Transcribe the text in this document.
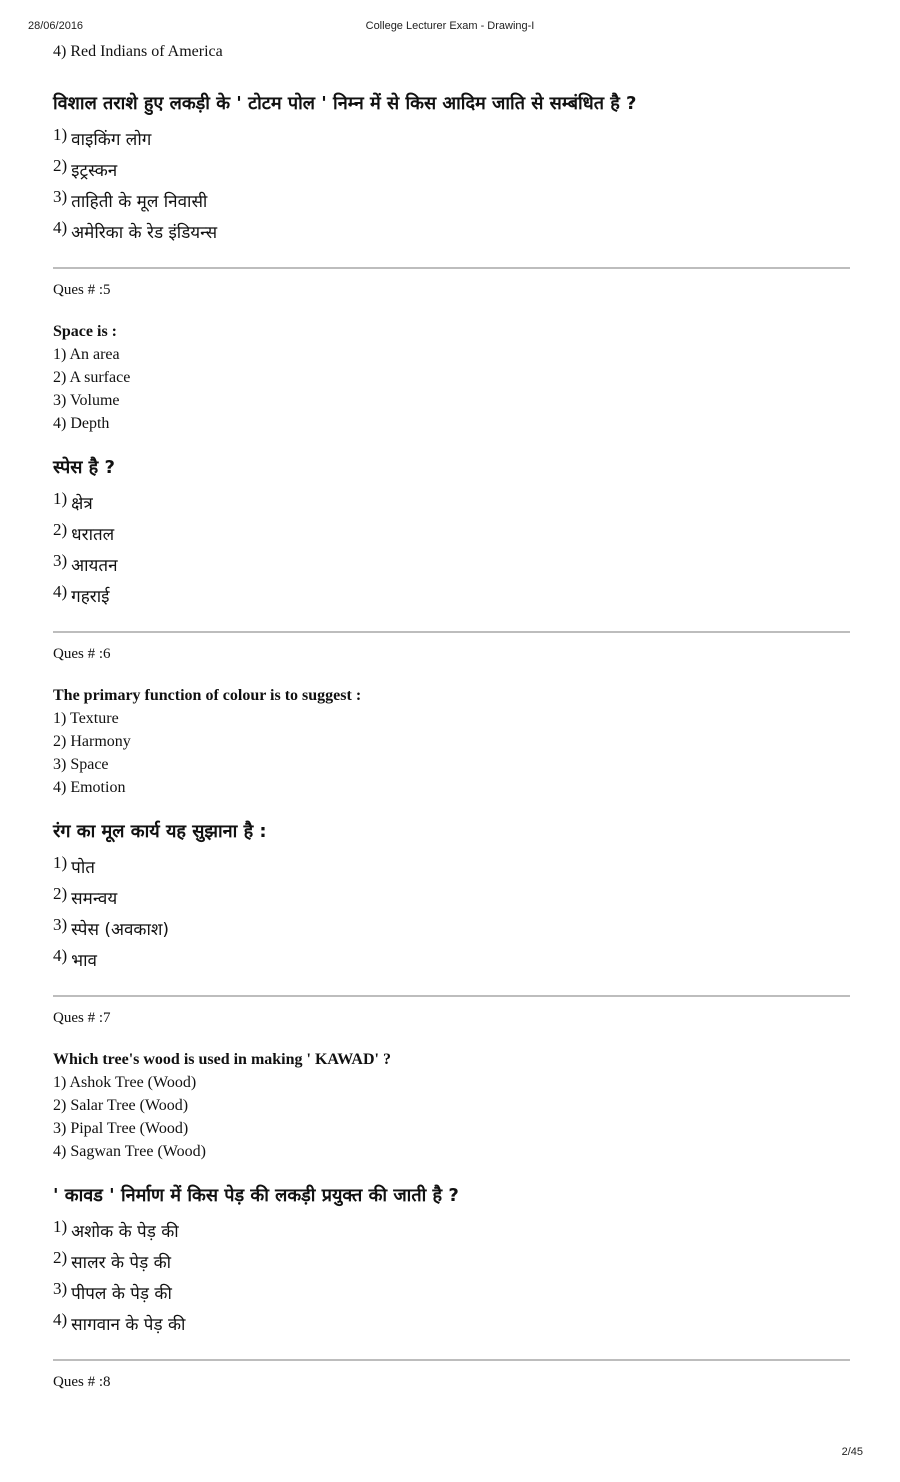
28/06/2016	College Lecturer Exam - Drawing-I
4) Red Indians of America
विशाल तराशे हुए लकड़ी के ' टोटम पोल ' निम्न में से किस आदिम जाति से सम्बंधित है ?
1) वाइकिंग लोग
2) इट्रस्कन
3) ताहिती के मूल निवासी
4) अमेरिका के रेड इंडियन्स
Ques # :5
Space is :
1) An area
2) A surface
3) Volume
4) Depth
स्पेस है ?
1) क्षेत्र
2) धरातल
3) आयतन
4) गहराई
Ques # :6
The primary function of colour is to suggest :
1) Texture
2) Harmony
3) Space
4) Emotion
रंग का मूल कार्य यह सुझाना है :
1) पोत
2) समन्वय
3) स्पेस (अवकाश)
4) भाव
Ques # :7
Which tree's wood is used in making ' KAWAD' ?
1) Ashok Tree (Wood)
2) Salar Tree (Wood)
3) Pipal Tree (Wood)
4) Sagwan Tree (Wood)
' कावड ' निर्माण में किस पेड़ की लकड़ी प्रयुक्त की जाती है ?
1) अशोक के पेड़ की
2) सालर के पेड़ की
3) पीपल के पेड़ की
4) सागवान के पेड़ की
Ques # :8
2/45
